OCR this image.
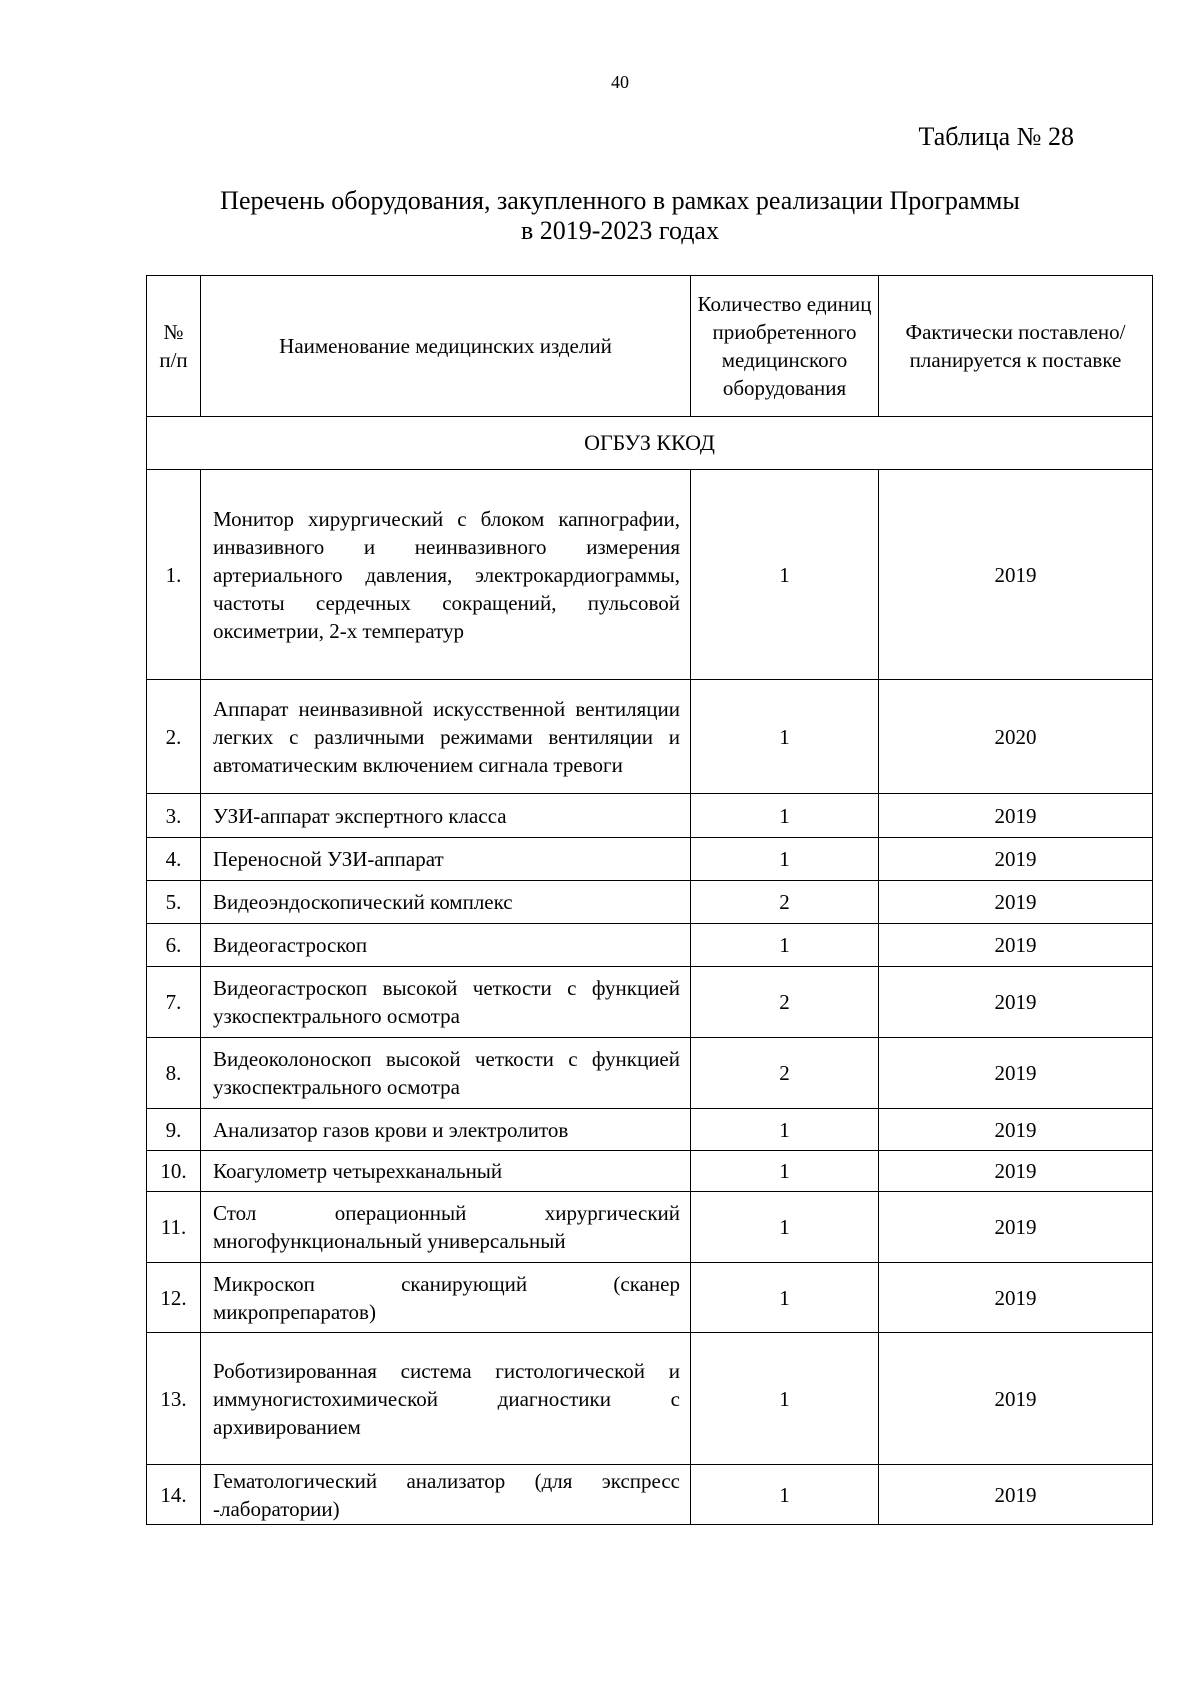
40
Таблица № 28
Перечень оборудования, закупленного в рамках реализации Программы
в 2019-2023 годах
№ п/п	Наименование медицинских изделий	Количество единиц приобретенного медицинского оборудования	Фактически поставлено/планируется к поставке
ОГБУЗ ККОД			
1.	Монитор хирургический с блоком капнографии, инвазивного и неинвазивного измерения артериального давления, электрокардиограммы, частоты сердечных сокращений, пульсовой оксиметрии, 2-х температур	1	2019
2.	Аппарат неинвазивной искусственной вентиляции легких с различными режимами вентиляции и автоматическим включением сигнала тревоги	1	2020
3.	УЗИ-аппарат экспертного класса	1	2019
4.	Переносной УЗИ-аппарат	1	2019
5.	Видеоэндоскопический комплекс	2	2019
6.	Видеогастроскоп	1	2019
7.	Видеогастроскоп высокой четкости с функцией узкоспектрального осмотра	2	2019
8.	Видеоколоноскоп высокой четкости с функцией узкоспектрального осмотра	2	2019
9.	Анализатор газов крови и электролитов	1	2019
10.	Коагулометр четырехканальный	1	2019
11.	Стол операционный хирургический многофункциональный универсальный	1	2019
12.	Микроскоп сканирующий (сканер микропрепаратов)	1	2019
13.	Роботизированная система гистологической и иммуногистохимической диагностики с архивированием	1	2019
14.	Гематологический анализатор (для экспресс -лаборатории)	1	2019
